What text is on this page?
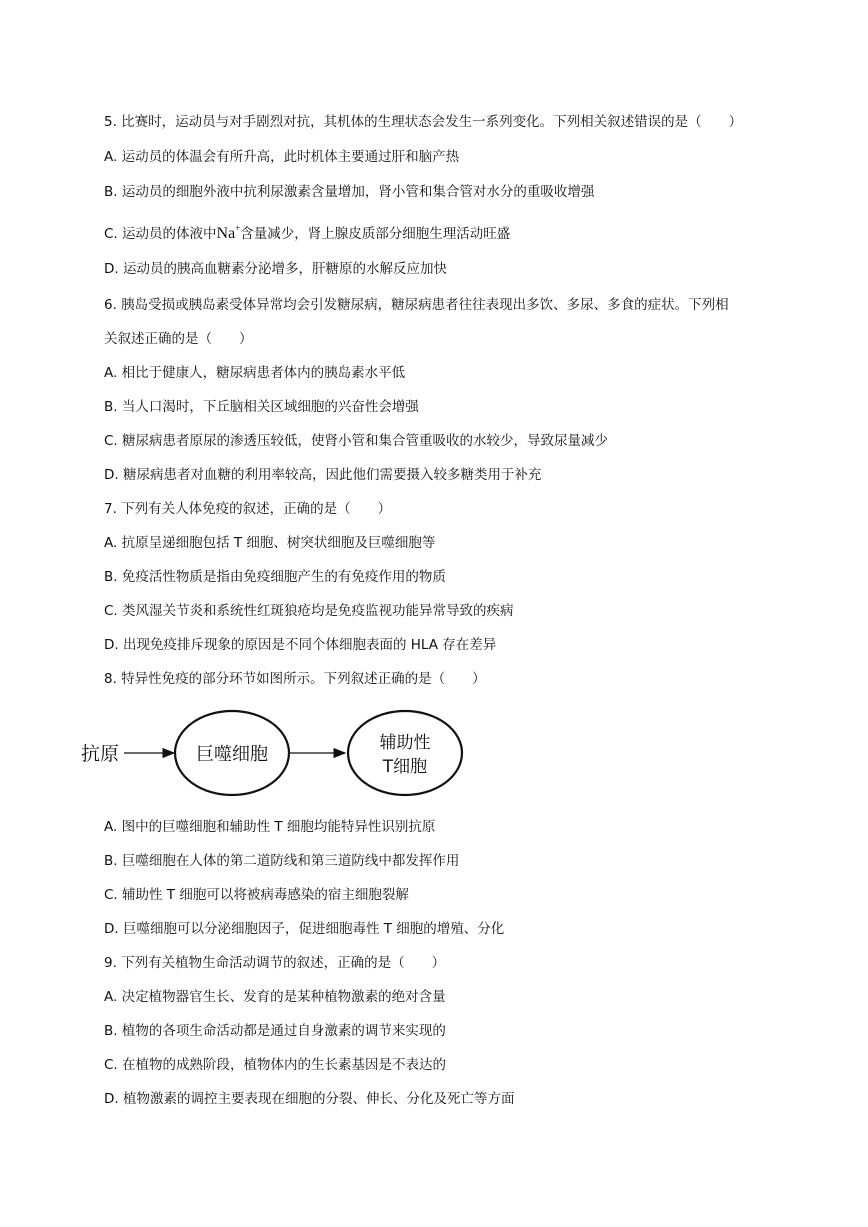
5. 比赛时，运动员与对手剧烈对抗，其机体的生理状态会发生一系列变化。下列相关叙述错误的是（　　）
A. 运动员的体温会有所升高，此时机体主要通过肝和脑产热
B. 运动员的细胞外液中抗利尿激素含量增加，肾小管和集合管对水分的重吸收增强
C. 运动员的体液中Na+含量减少，肾上腺皮质部分细胞生理活动旺盛
D. 运动员的胰高血糖素分泌增多，肝糖原的水解反应加快
6. 胰岛受损或胰岛素受体异常均会引发糖尿病，糖尿病患者往往表现出多饮、多尿、多食的症状。下列相
关叙述正确的是（　　）
A. 相比于健康人，糖尿病患者体内的胰岛素水平低
B. 当人口渴时，下丘脑相关区域细胞的兴奋性会增强
C. 糖尿病患者原尿的渗透压较低，使肾小管和集合管重吸收的水较少，导致尿量减少
D. 糖尿病患者对血糖的利用率较高，因此他们需要摄入较多糖类用于补充
7. 下列有关人体免疫的叙述，正确的是（　　）
A. 抗原呈递细胞包括 T 细胞、树突状细胞及巨噬细胞等
B. 免疫活性物质是指由免疫细胞产生的有免疫作用的物质
C. 类风湿关节炎和系统性红斑狼疮均是免疫监视功能异常导致的疾病
D. 出现免疫排斥现象的原因是不同个体细胞表面的 HLA 存在差异
8. 特异性免疫的部分环节如图所示。下列叙述正确的是（　　）
抗原	巨噬细胞
辅助性
T细胞
A. 图中的巨噬细胞和辅助性 T 细胞均能特异性识别抗原
B. 巨噬细胞在人体的第二道防线和第三道防线中都发挥作用
C. 辅助性 T 细胞可以将被病毒感染的宿主细胞裂解
D. 巨噬细胞可以分泌细胞因子，促进细胞毒性 T 细胞的增殖、分化
9. 下列有关植物生命活动调节的叙述，正确的是（　　）
A. 决定植物器官生长、发育的是某种植物激素的绝对含量
B. 植物的各项生命活动都是通过自身激素的调节来实现的
C. 在植物的成熟阶段，植物体内的生长素基因是不表达的
D. 植物激素的调控主要表现在细胞的分裂、伸长、分化及死亡等方面
